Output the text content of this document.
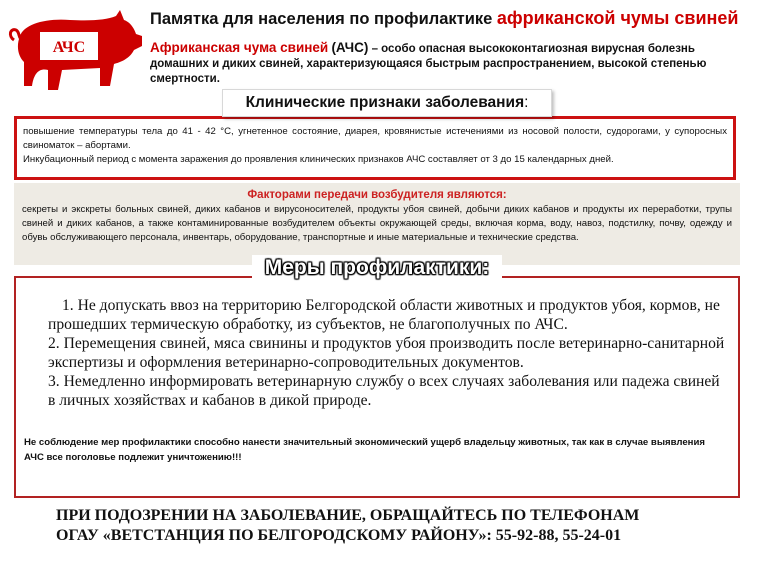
АЧС
Памятка для населения по профилактике африканской чумы свиней
Африканская чума свиней (АЧС) – особо опасная высококонтагиозная вирусная болезнь домашних и диких свиней, характеризующаяся быстрым распространением, высокой степенью смертности.
Клинические признаки заболевания:

повышение температуры тела до 41 - 42 °С, угнетенное состояние, диарея, кровянистые истечениями из носовой полости, судорогами, у супоросных свиноматок – абортами.

Инкубационный период с момента заражения до проявления клинических признаков АЧС составляет от 3 до 15 календарных дней.

Факторами передачи возбудителя являются:

секреты и экскреты больных свиней, диких кабанов и вирусоносителей, продукты убоя свиней, добычи диких кабанов и продукты их переработки, трупы свиней и диких кабанов, а также контаминированные возбудителем объекты окружающей среды, включая корма, воду, навоз, подстилку, почву, одежду и обувь обслуживающего персонала, инвентарь, оборудование, транспортные и иные материальные и технические средства.

Меры профилактики:
1. Не допускать ввоз на территорию Белгородской области животных и продуктов убоя, кормов, не прошедших термическую обработку, из субъектов, не благополучных по АЧС.
2. Перемещения свиней, мяса свинины и продуктов убоя производить после ветеринарно-санитарной экспертизы и оформления ветеринарно-сопроводительных документов.
3. Немедленно информировать ветеринарную службу о всех случаях заболевания или падежа свиней в личных хозяйствах и кабанов в дикой природе.

Не соблюдение мер профилактики способно нанести значительный экономический ущерб владельцу животных, так как в случае выявления АЧС все поголовье подлежит уничтожению!!!

ПРИ ПОДОЗРЕНИИ НА ЗАБОЛЕВАНИЕ, ОБРАЩАЙТЕСЬ ПО ТЕЛЕФОНАМ
ОГАУ «ВЕТСТАНЦИЯ ПО БЕЛГОРОДСКОМУ РАЙОНУ»: 55-92-88, 55-24-01
